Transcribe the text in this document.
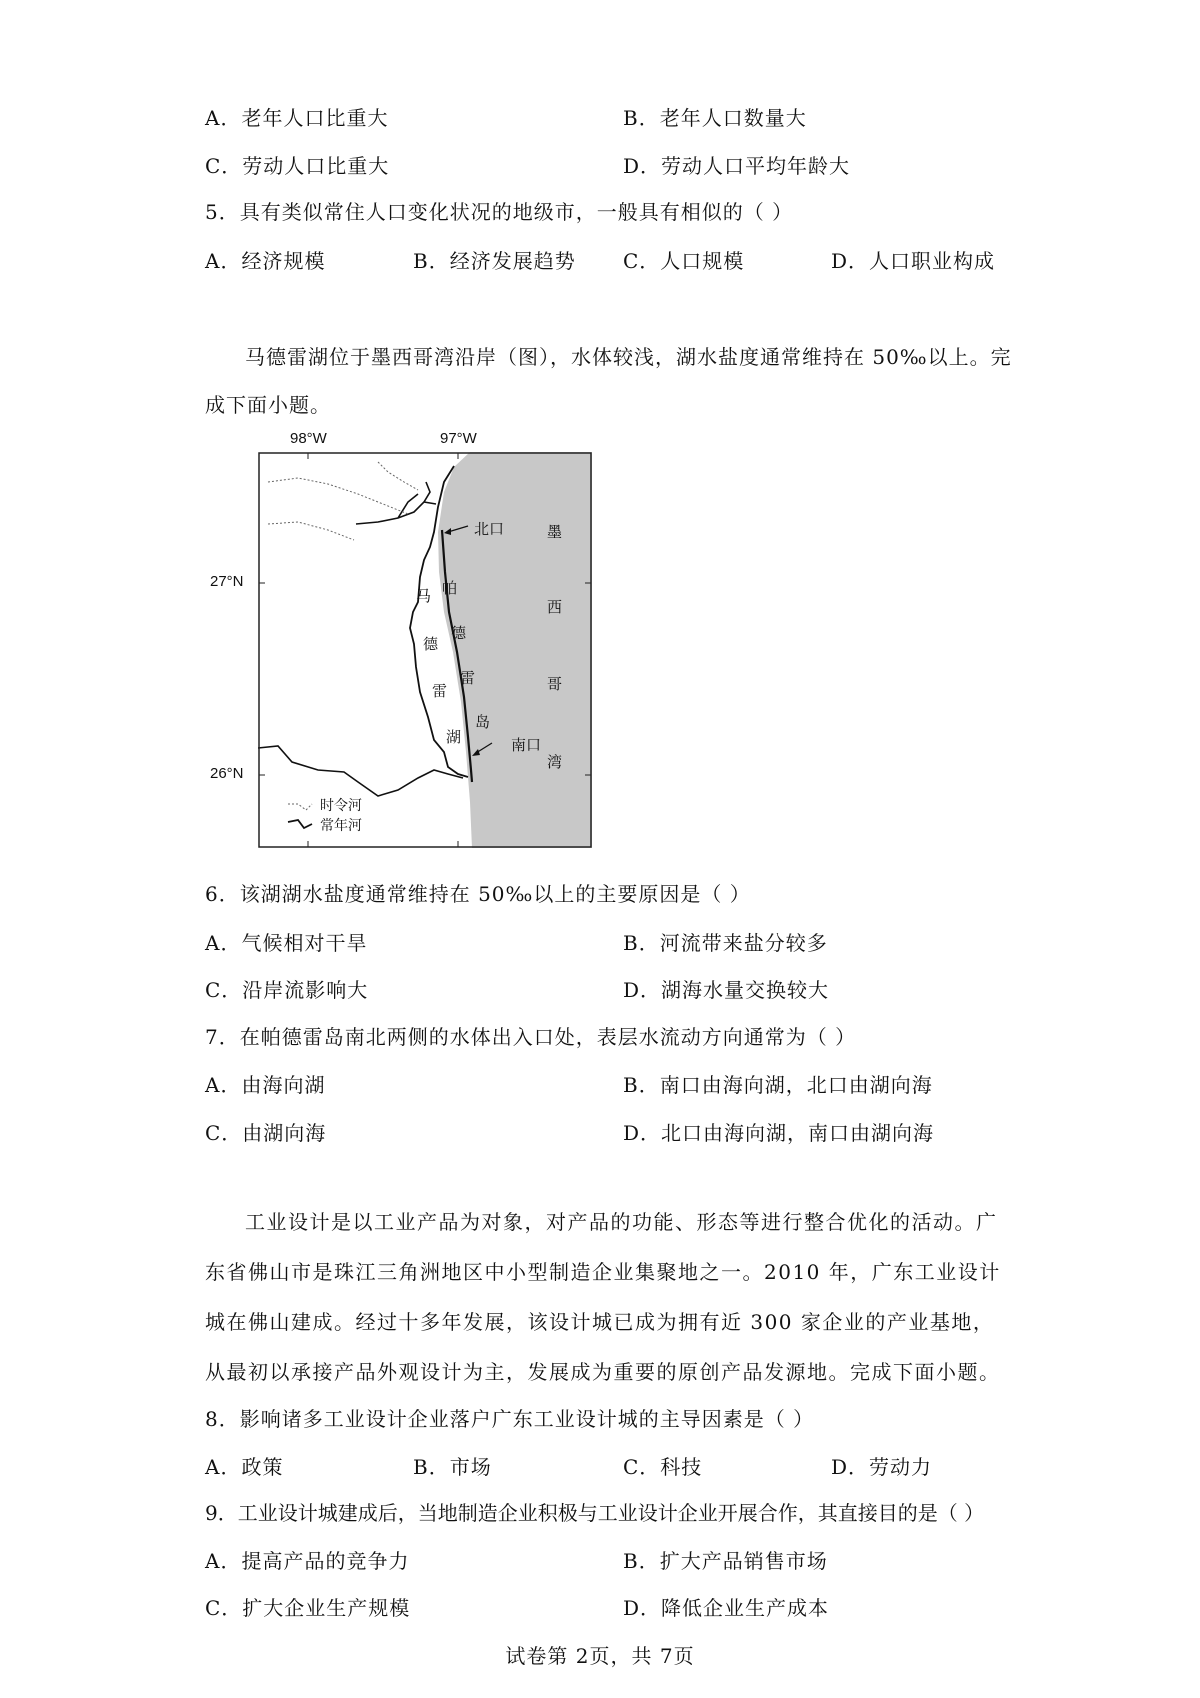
A．老年人口比重大	B．老年人口数量大
C．劳动人口比重大	D．劳动人口平均年龄大
5．具有类似常住人口变化状况的地级市，一般具有相似的（ ）
A．经济规模	B．经济发展趋势 C．人口规模	D．人口职业构成
马德雷湖位于墨西哥湾沿岸（图），水体较浅，湖水盐度通常维持在 50‰以上。完
成下面小题。
98°W	97°W
27°N
26°N
北口
南口
墨
西
哥
湾
帕
德
雷
岛
马
德
雷
湖
时令河
常年河
6．该湖湖水盐度通常维持在 50‰以上的主要原因是（ ）
A．气候相对干旱	B．河流带来盐分较多
C．沿岸流影响大	D．湖海水量交换较大
7．在帕德雷岛南北两侧的水体出入口处，表层水流动方向通常为（ ）
A．由海向湖	B．南口由海向湖，北口由湖向海
C．由湖向海	D．北口由海向湖，南口由湖向海
工业设计是以工业产品为对象，对产品的功能、形态等进行整合优化的活动。广东省佛山市是珠江三角洲地区中小型制造企业集聚地之一。2010 年，广东工业设计城在佛山建成。经过十多年发展，该设计城已成为拥有近 300 家企业的产业基地，从最初以承接产品外观设计为主，发展成为重要的原创产品发源地。完成下面小题。
8．影响诸多工业设计企业落户广东工业设计城的主导因素是（ ）
A．政策	B．市场	C．科技	D．劳动力
9．工业设计城建成后，当地制造企业积极与工业设计企业开展合作，其直接目的是（ ）
A．提高产品的竞争力	B．扩大产品销售市场
C．扩大企业生产规模	D．降低企业生产成本
试卷第 2页，共 7页
